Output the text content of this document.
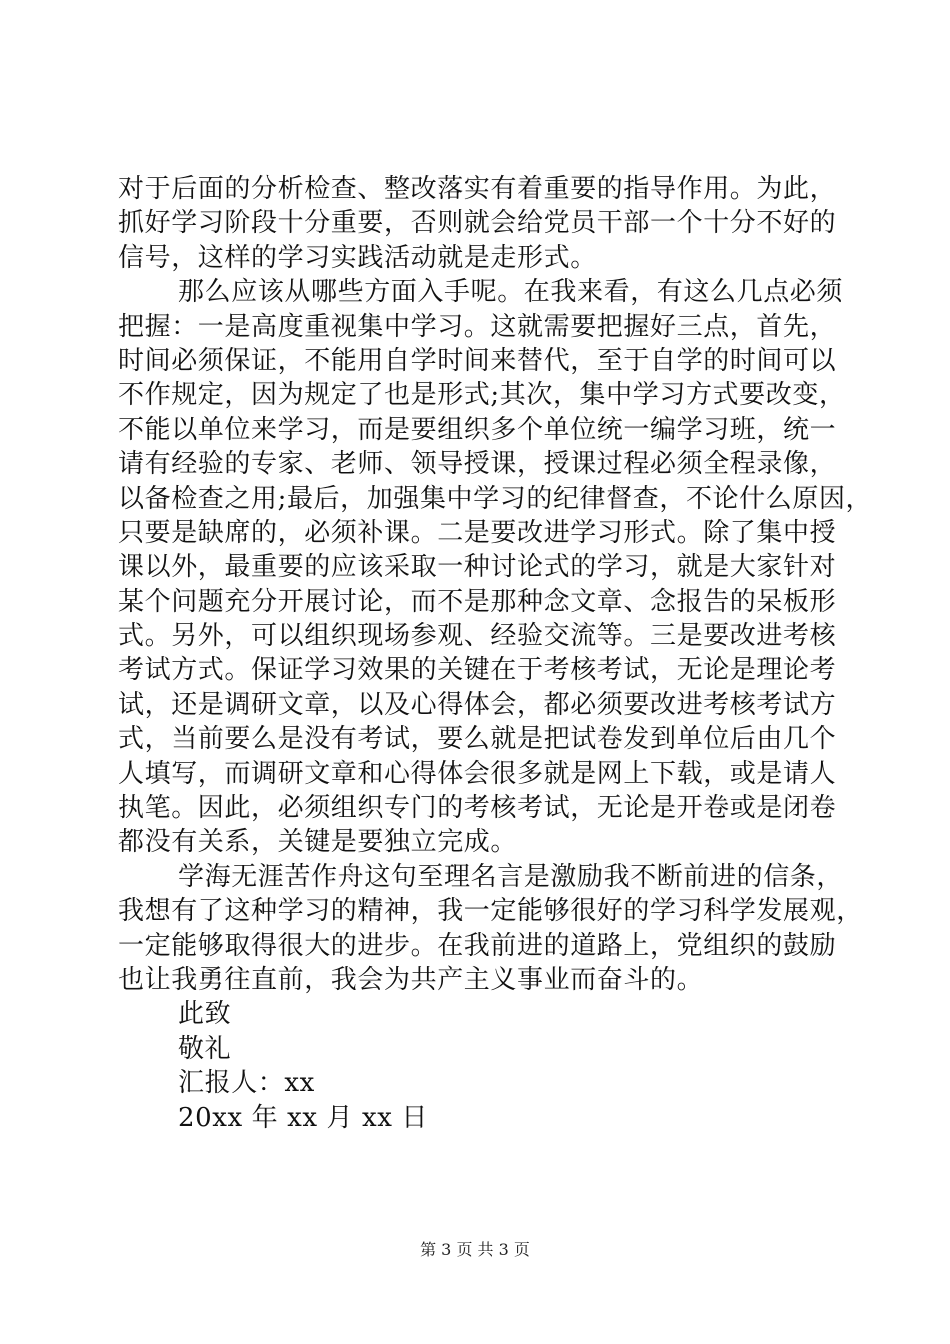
对于后面的分析检查、整改落实有着重要的指导作用。为此，
抓好学习阶段十分重要，否则就会给党员干部一个十分不好的
信号，这样的学习实践活动就是走形式。
那么应该从哪些方面入手呢。在我来看，有这么几点必须
把握：一是高度重视集中学习。这就需要把握好三点，首先，
时间必须保证，不能用自学时间来替代，至于自学的时间可以
不作规定，因为规定了也是形式;其次，集中学习方式要改变，
不能以单位来学习，而是要组织多个单位统一编学习班，统一
请有经验的专家、老师、领导授课，授课过程必须全程录像，
以备检查之用;最后，加强集中学习的纪律督查，不论什么原因，
只要是缺席的，必须补课。二是要改进学习形式。除了集中授
课以外，最重要的应该采取一种讨论式的学习，就是大家针对
某个问题充分开展讨论，而不是那种念文章、念报告的呆板形
式。另外，可以组织现场参观、经验交流等。三是要改进考核
考试方式。保证学习效果的关键在于考核考试，无论是理论考
试，还是调研文章，以及心得体会，都必须要改进考核考试方
式，当前要么是没有考试，要么就是把试卷发到单位后由几个
人填写，而调研文章和心得体会很多就是网上下载，或是请人
执笔。因此，必须组织专门的考核考试，无论是开卷或是闭卷
都没有关系，关键是要独立完成。
学海无涯苦作舟这句至理名言是激励我不断前进的信条，
我想有了这种学习的精神，我一定能够很好的学习科学发展观，
一定能够取得很大的进步。在我前进的道路上，党组织的鼓励
也让我勇往直前，我会为共产主义事业而奋斗的。
此致
敬礼
汇报人：xx
20xx 年 xx 月 xx 日
第 3 页 共 3 页
